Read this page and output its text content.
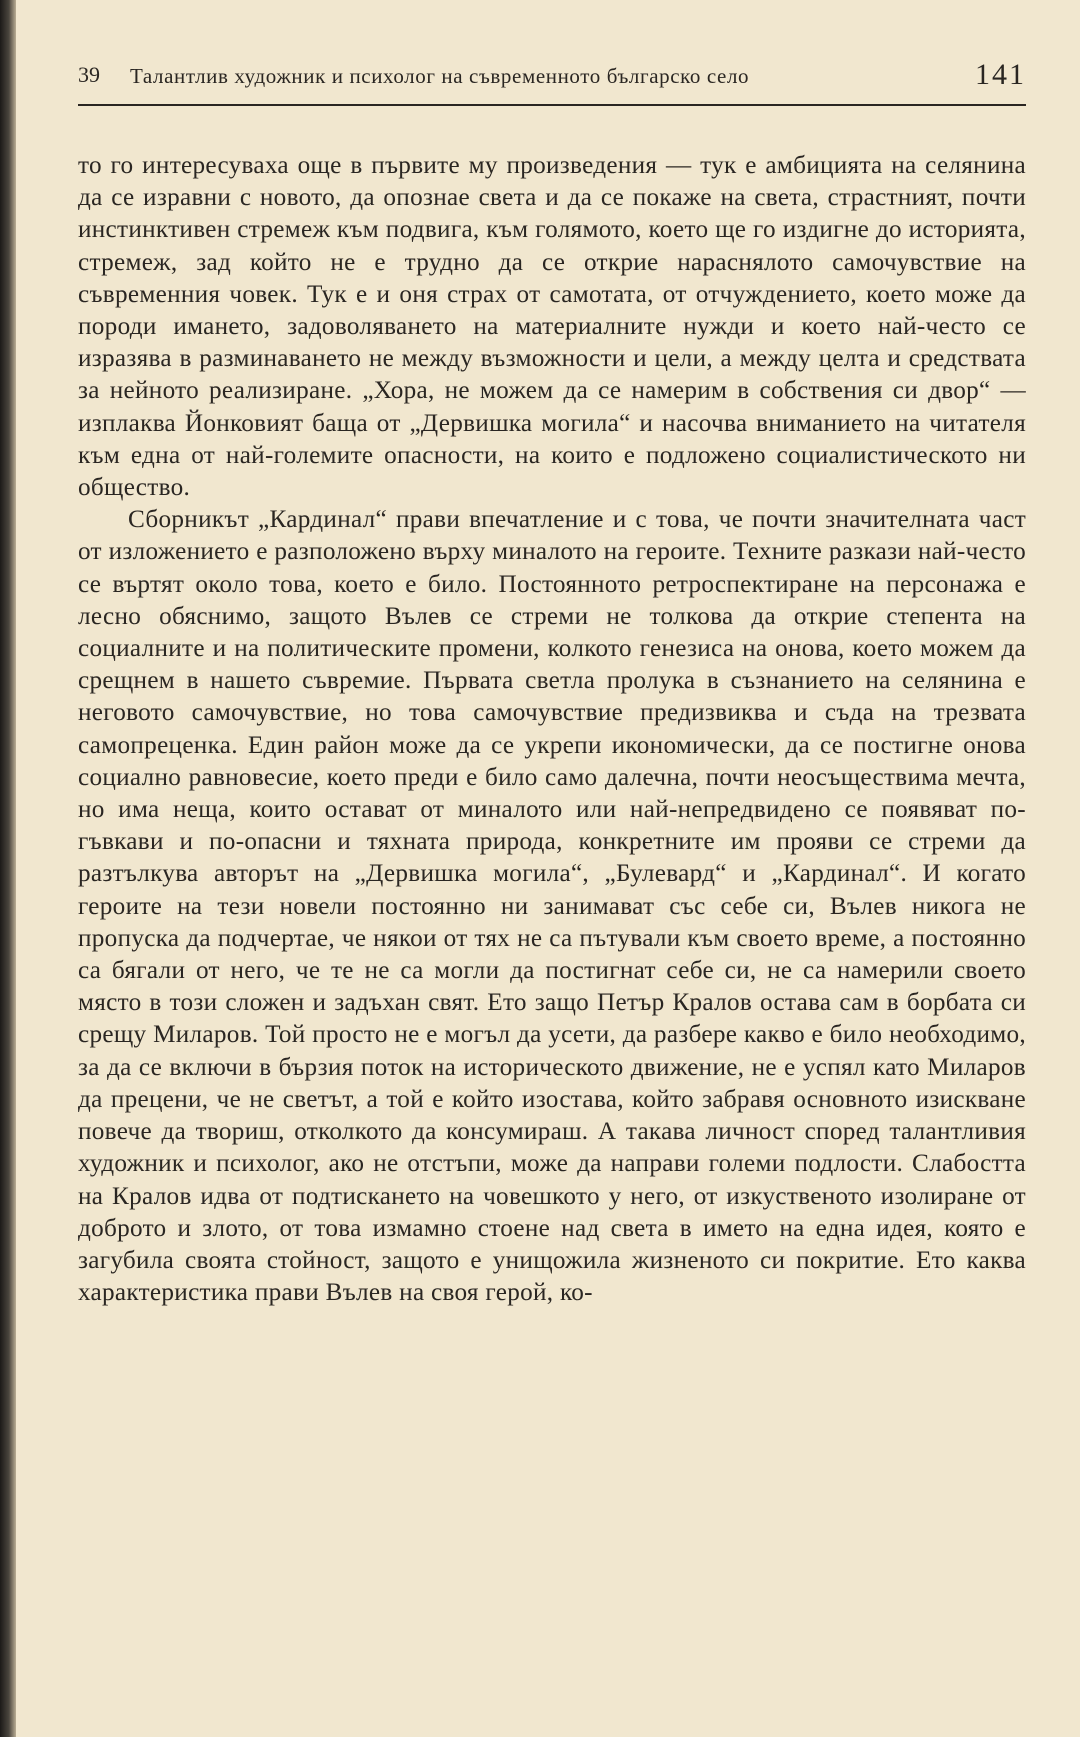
39 Талантлив художник и психолог на съвременното българско село	141

то го интересуваха още в първите му произведения — тук е амбицията на селянина да се изравни с новото, да опознае света и да се покаже на света, страстният, почти инстинктивен стремеж към подвига, към голямото, което ще го издигне до историята, стремеж, зад който не е трудно да се открие нараснялото самочувствие на съвременния човек. Тук е и оня страх от самотата, от отчуждението, което може да породи имането, задоволяването на материалните нужди и което най-често се изразява в разминаването не между възможности и цели, а между целта и средствата за нейното реализиране. „Хора, не можем да се намерим в собствения си двор“ — изплаква Йонковият баща от „Дервишка могила“ и насочва вниманието на читателя към една от най-големите опасности, на които е подложено социалистическото ни общество.

Сборникът „Кардинал“ прави впечатление и с това, че почти значителната част от изложението е разположено върху миналото на героите. Техните разкази най-често се въртят около това, което е било. Постоянното ретроспектиране на персонажа е лесно обяснимо, защото Вълев се стреми не толкова да открие степента на социалните и на политическите промени, колкото генезиса на онова, което можем да срещнем в нашето съвремие. Първата светла пролука в съзнанието на селянина е неговото самочувствие, но това самочувствие предизвиква и съда на трезвата самопреценка. Един район може да се укрепи икономически, да се постигне онова социално равновесие, което преди е било само далечна, почти неосъществима мечта, но има неща, които остават от миналото или най-непредвидено се появяват по-гъвкави и по-опасни и тяхната природа, конкретните им прояви се стреми да разтълкува авторът на „Дервишка могила“, „Булевард“ и „Кардинал“. И когато героите на тези новели постоянно ни занимават със себе си, Вълев никога не пропуска да подчертае, че някои от тях не са пътували към своето време, а постоянно са бягали от него, че те не са могли да постигнат себе си, не са намерили своето място в този сложен и задъхан свят. Ето защо Петър Кралов остава сам в борбата си срещу Миларов. Той просто не е могъл да усети, да разбере какво е било необходимо, за да се включи в бързия поток на историческото движение, не е успял като Миларов да прецени, че не светът, а той е който изостава, който забравя основното изискване повече да твориш, отколкото да консумираш. А такава личност според талантливия художник и психолог, ако не отстъпи, може да направи големи подлости. Слабостта на Кралов идва от подтискането на човешкото у него, от изкуственото изолиране от доброто и злото, от това измамно стоене над света в името на една идея, която е загубила своята стойност, защото е унищожила жизненото си покритие. Ето каква характеристика прави Вълев на своя герой, ко-
